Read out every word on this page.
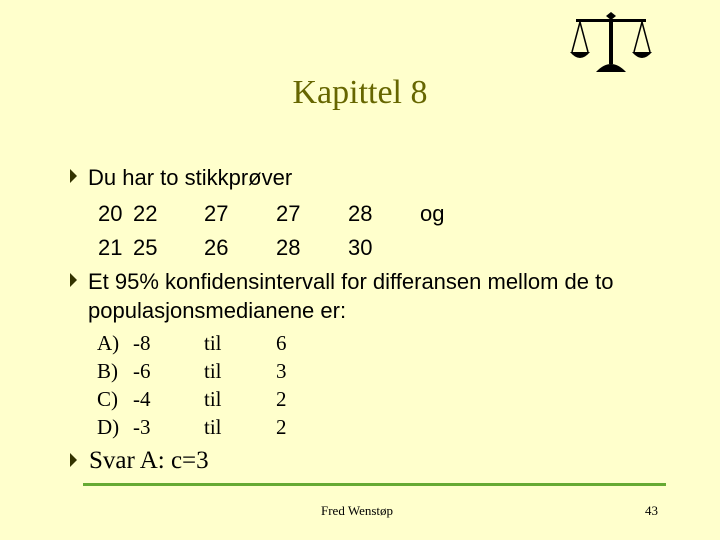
Kapittel 8
Du har to stikkprøver
20 22 27 27 28 og
21 25 26 28 30
Et 95% konfidensintervall for differansen mellom de to
populasjonsmedianene er:
A) -8	til	6
B) -6	til	3
C) -4	til	2
D) -3	til	2
Svar A: c=3
Fred Wenstøp	43
